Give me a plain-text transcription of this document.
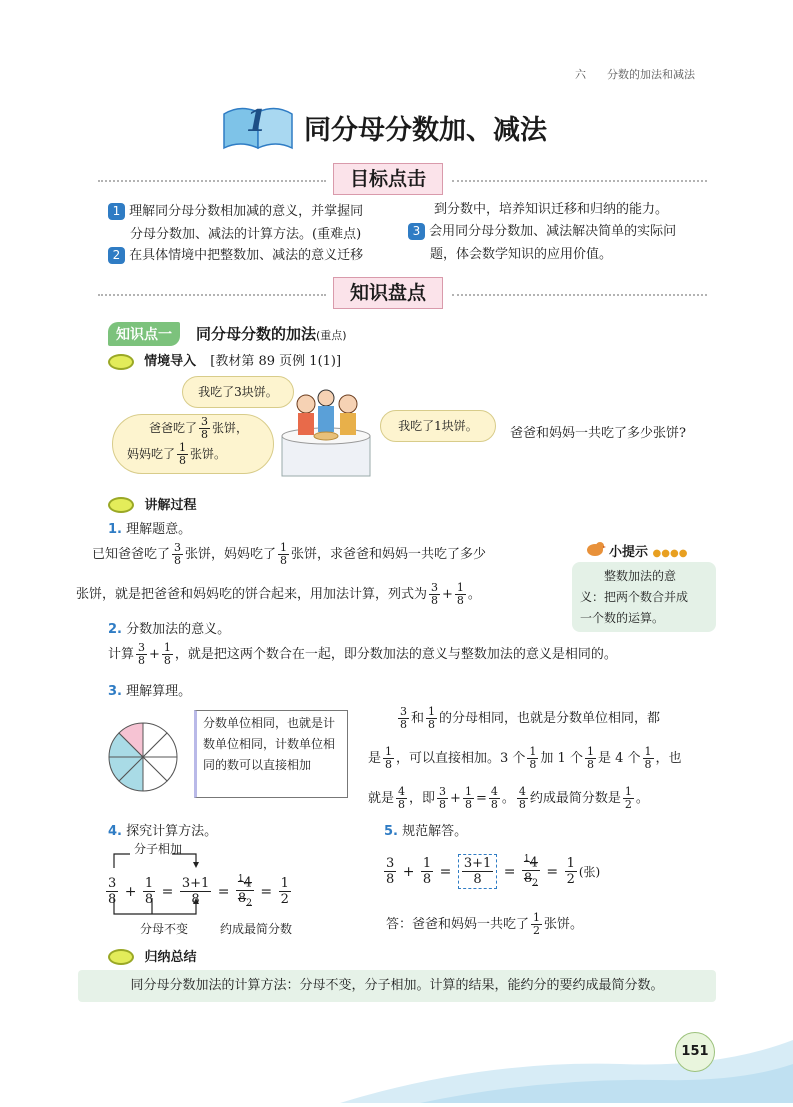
六 分数的加法和减法
1 同分母分数加、减法
目标点击
1 理解同分母分数相加减的意义，并掌握同
分母分数加、减法的计算方法。(重难点)
2 在具体情境中把整数加、减法的意义迁移
到分数中，培养知识迁移和归纳的能力。
3 会用同分母分数加、减法解决简单的实际问
题，体会数学知识的应用价值。
知识盘点
知识点一	同分母分数的加法(重点)
情境导入 [教材第 89 页例 1(1)]
我吃了3块饼。
爸爸吃了 $\frac{3}{8}$ 张饼，
妈妈吃了 $\frac{1}{8}$ 张饼。
我吃了1块饼。	爸爸和妈妈一共吃了多少张饼?
讲解过程
1. 理解题意。
已知爸爸吃了 $\frac{3}{8}$ 张饼，妈妈吃了 $\frac{1}{8}$ 张饼，求爸爸和妈妈一共吃了多少
张饼，就是把爸爸和妈妈吃的饼合起来，用加法计算，列式为 $\frac{3}{8} + \frac{1}{8}$ 。
小提示 ●●●●
整数加法的意
义：把两个数合并成
一个数的运算。
2. 分数加法的意义。
计算 $\frac{3}{8} + \frac{1}{8}$ ，就是把这两个数合在一起，即分数加法的意义与整数加法的意义是相同的。
3. 理解算理。
分数单位相同，也就是计数单位相同，计数单位相同的数可以直接相加
$\frac{3}{8}$ 和 $\frac{1}{8}$ 的分母相同，也就是分数单位相同，都
是 $\frac{1}{8}$ ，可以直接相加。3 个 $\frac{1}{8}$ 加 1 个 $\frac{1}{8}$ 是 4 个 $\frac{1}{8}$ ，也
就是 $\frac{4}{8}$ ，即 $\frac{3}{8} + \frac{1}{8} = \frac{4}{8}$ 。 $\frac{4}{8}$ 约成最简分数是 $\frac{1}{2}$ 。
4. 探究计算方法。
分子相加
$\frac{3}{8} + \frac{1}{8} = \frac{3+1}{8} = \frac{^14}{8_2} = \frac{1}{2}$
分母不变	约成最简分数
5. 规范解答。
$\frac{3}{8} + \frac{1}{8} = \frac{3+1}{8} = \frac{^14}{8_2} = \frac{1}{2}$ (张)
答：爸爸和妈妈一共吃了 $\frac{1}{2}$ 张饼。
归纳总结
同分母分数加法的计算方法：分母不变，分子相加。计算的结果，能约分的要约成最简分数。
151
